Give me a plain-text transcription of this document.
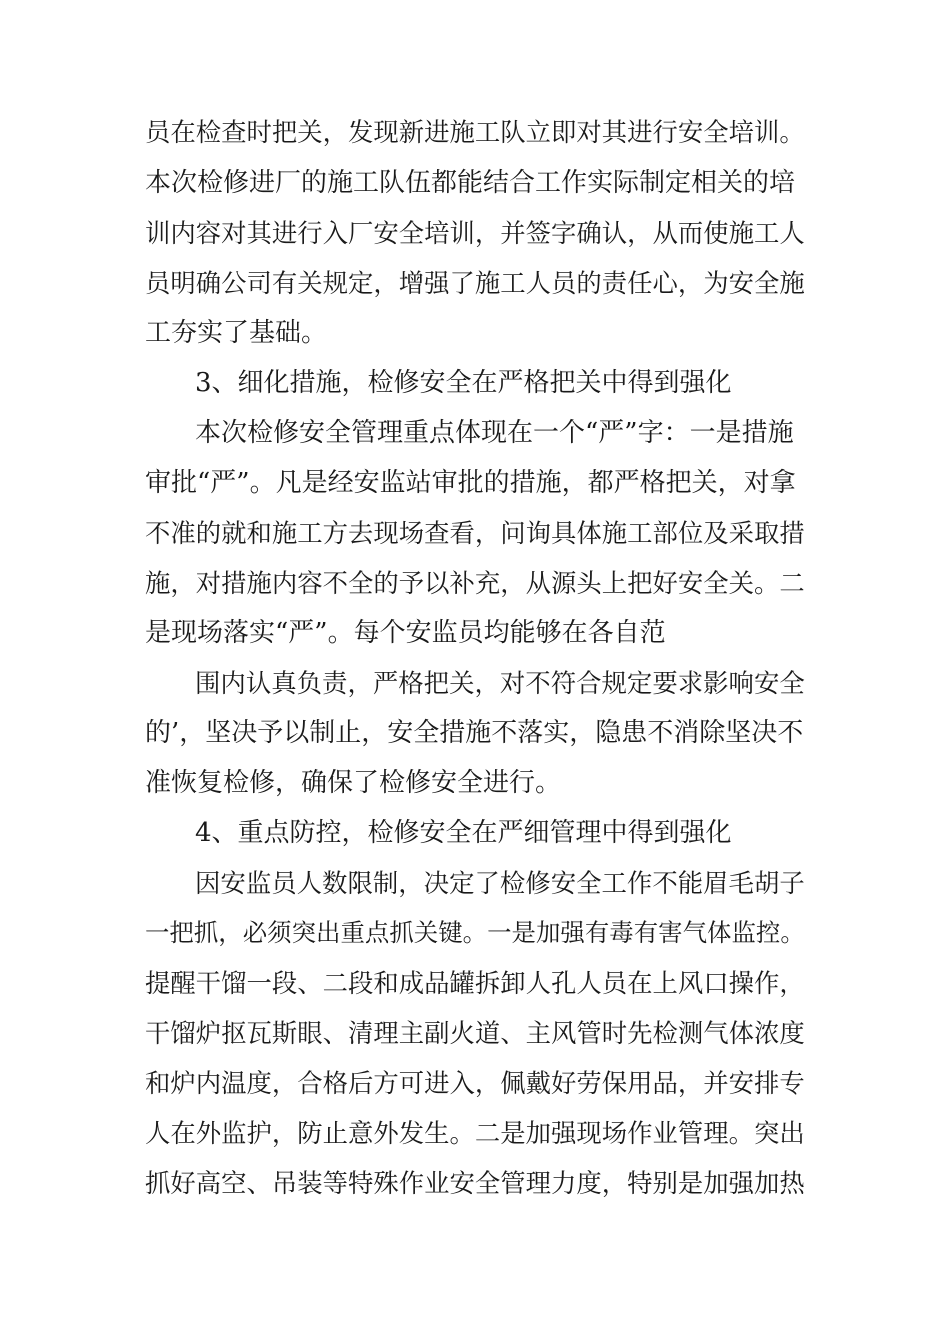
员在检查时把关，发现新进施工队立即对其进行安全培训。
本次检修进厂的施工队伍都能结合工作实际制定相关的培
训内容对其进行入厂安全培训，并签字确认，从而使施工人
员明确公司有关规定，增强了施工人员的责任心，为安全施
工夯实了基础。
3、细化措施，检修安全在严格把关中得到强化
本次检修安全管理重点体现在一个“严”字：一是措施
审批“严”。凡是经安监站审批的措施，都严格把关，对拿
不准的就和施工方去现场查看，问询具体施工部位及采取措
施，对措施内容不全的予以补充，从源头上把好安全关。二
是现场落实“严”。每个安监员均能够在各自范
围内认真负责，严格把关，对不符合规定要求影响安全
的’，坚决予以制止，安全措施不落实，隐患不消除坚决不
准恢复检修，确保了检修安全进行。
4、重点防控，检修安全在严细管理中得到强化
因安监员人数限制，决定了检修安全工作不能眉毛胡子
一把抓，必须突出重点抓关键。一是加强有毒有害气体监控。
提醒干馏一段、二段和成品罐拆卸人孔人员在上风口操作，
干馏炉抠瓦斯眼、清理主副火道、主风管时先检测气体浓度
和炉内温度，合格后方可进入，佩戴好劳保用品，并安排专
人在外监护，防止意外发生。二是加强现场作业管理。突出
抓好高空、吊装等特殊作业安全管理力度，特别是加强加热
